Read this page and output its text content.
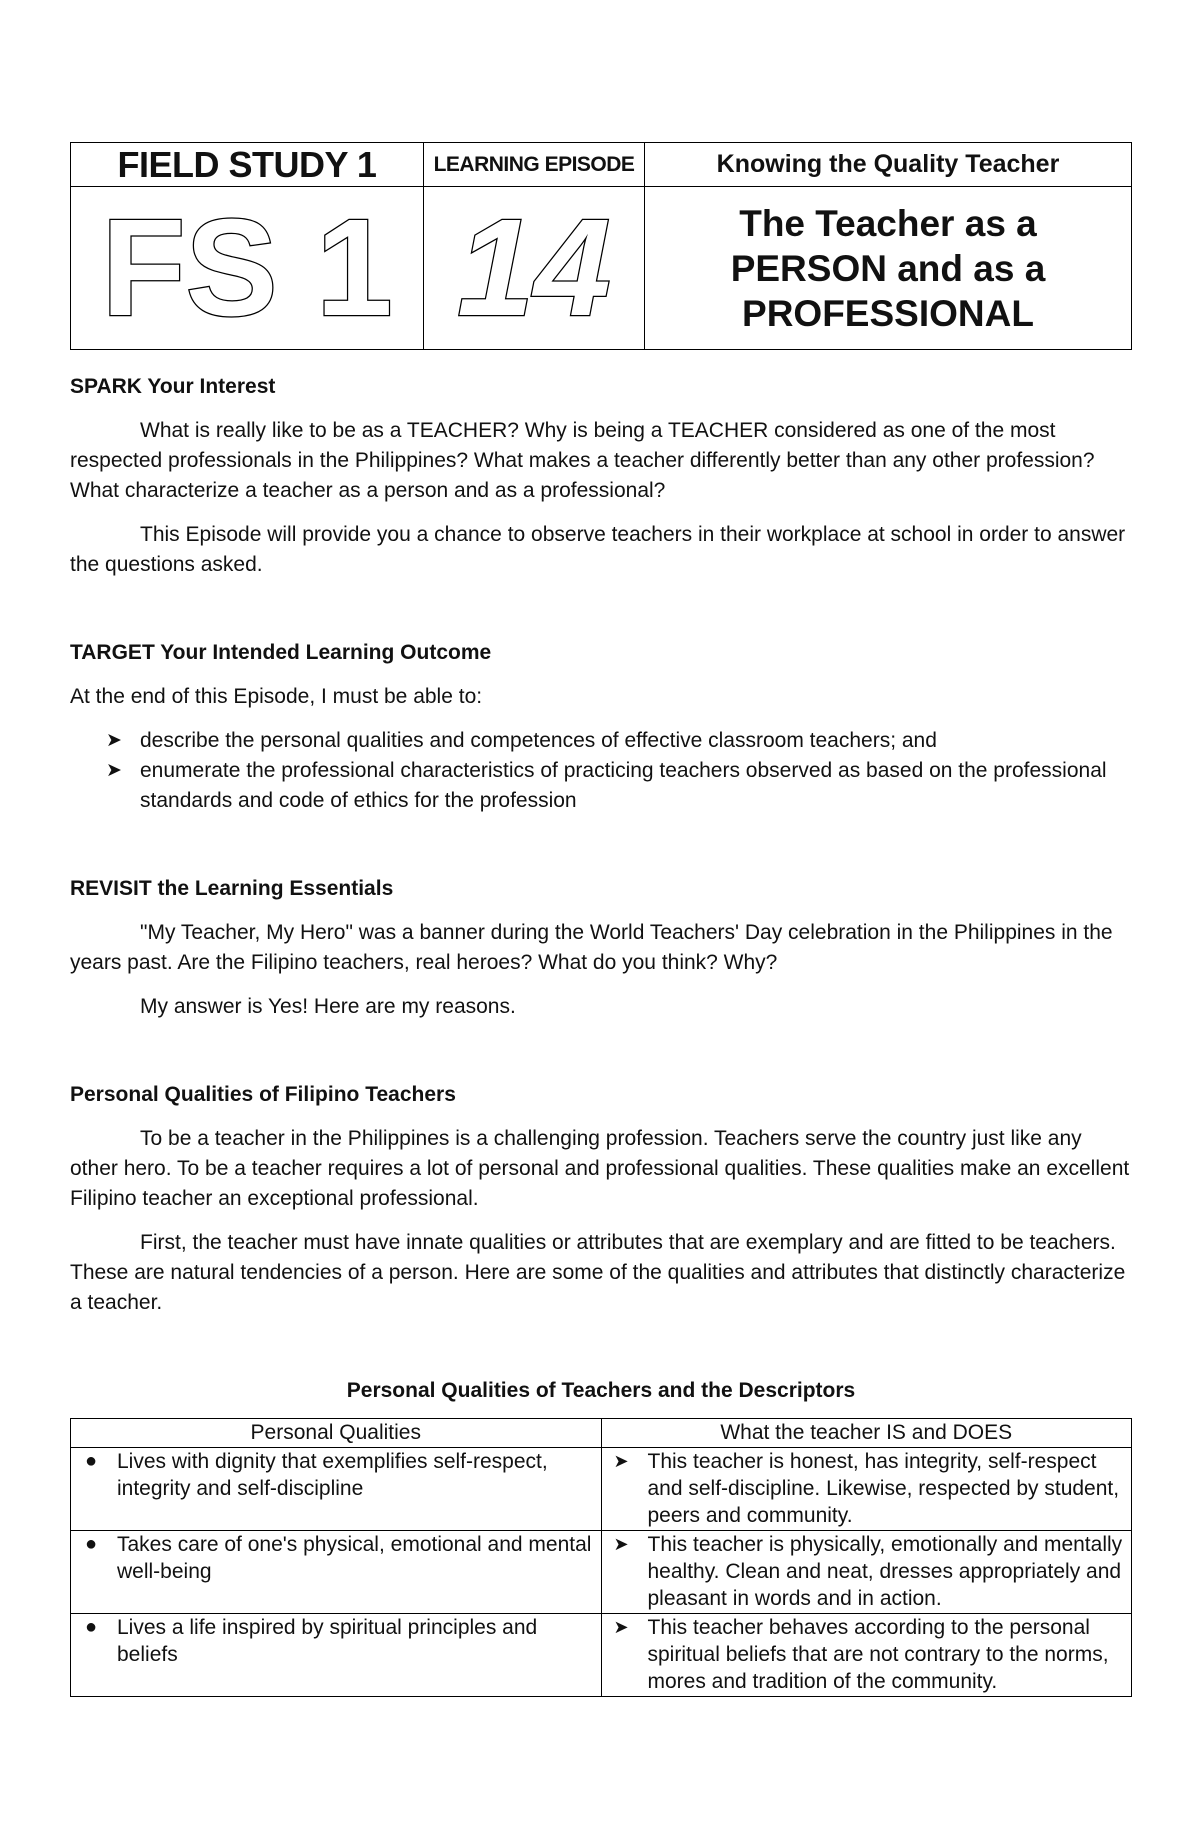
FIELD STUDY 1	LEARNING EPISODE	Knowing the Quality Teacher
FS 1	14	The Teacher as a
PERSON and as a
PROFESSIONAL
SPARK Your Interest

What is really like to be as a TEACHER? Why is being a TEACHER considered as one of the most respected professionals in the Philippines? What makes a teacher differently better than any other profession? What characterize a teacher as a person and as a professional?

This Episode will provide you a chance to observe teachers in their workplace at school in order to answer the questions asked.

TARGET Your Intended Learning Outcome

At the end of this Episode, I must be able to:

➤ describe the personal qualities and competences of effective classroom teachers; and
➤ enumerate the professional characteristics of practicing teachers observed as based on the professional standards and code of ethics for the profession
REVISIT the Learning Essentials

"My Teacher, My Hero" was a banner during the World Teachers' Day celebration in the Philippines in the years past. Are the Filipino teachers, real heroes? What do you think? Why?

My answer is Yes! Here are my reasons.

Personal Qualities of Filipino Teachers

To be a teacher in the Philippines is a challenging profession. Teachers serve the country just like any other hero. To be a teacher requires a lot of personal and professional qualities. These qualities make an excellent Filipino teacher an exceptional professional.

First, the teacher must have innate qualities or attributes that are exemplary and are fitted to be teachers. These are natural tendencies of a person. Here are some of the qualities and attributes that distinctly characterize a teacher.

Personal Qualities of Teachers and the Descriptors
Personal Qualities	What the teacher IS and DOES

● Lives with dignity that exemplifies self-respect, integrity and self-discipline	➤ This teacher is honest, has integrity, self-respect and self-discipline. Likewise, respected by student, peers and community.

● Takes care of one's physical, emotional and mental well-being	➤ This teacher is physically, emotionally and mentally healthy. Clean and neat, dresses appropriately and pleasant in words and in action.

● Lives a life inspired by spiritual principles and beliefs	➤ This teacher behaves according to the personal spiritual beliefs that are not contrary to the norms, mores and tradition of the community.
